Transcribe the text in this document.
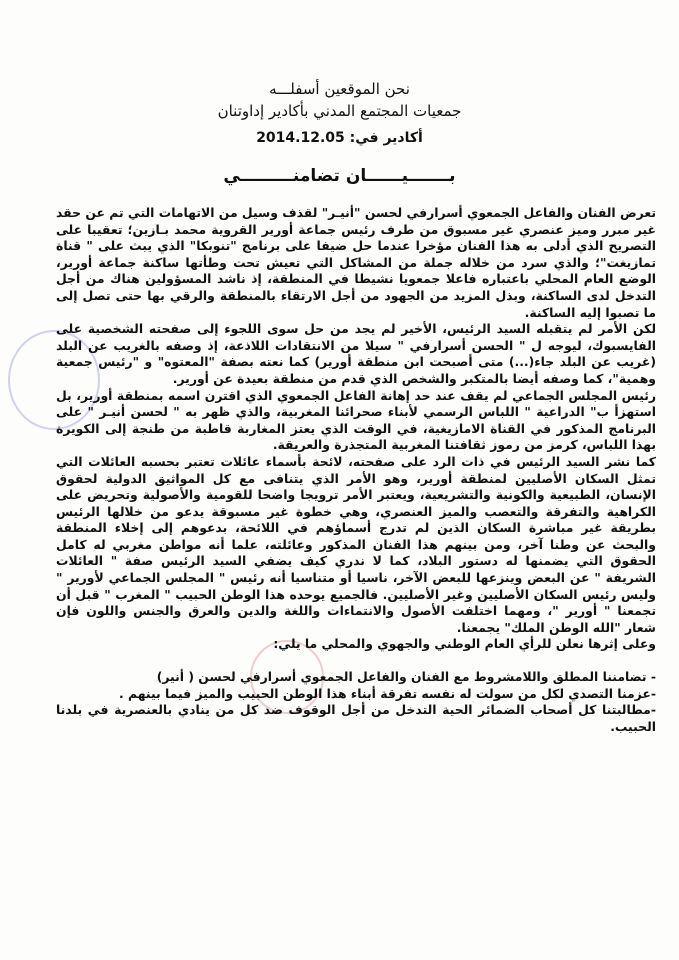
نحن الموقعين أسفلـــه
جمعيات المجتمع المدني بأكادير إداوتنان
أكادير في: 2014.12.05
بـــــــيــــــان تضامنـــــــــي

تعرض الفنان والفاعل الجمعوي أسرارفي لحسن "أنيـر" لقذف وسيل من الاتهامات التي تم عن حقد غير مبرر وميز عنصري غير مسبوق من طرف رئيس جماعة أورير القروية محمد بـازين؛ تعقيبا على التصريح الذي أدلى به هذا الفنان مؤخرا عندما حل ضيفا على برنامج "تنوبكا" الذي يبث على " قناة تمازيغت"؛ والذي سرد من خلاله جملة من المشاكل التي تعيش تحت وطأتها ساكنة جماعة أورير، الوضع العام المحلي باعتباره فاعلا جمعويا نشيطا في المنطقة، إذ ناشد المسؤولين هناك من أجل التدخل لدى الساكنة، وبذل المزيد من الجهود من أجل الارتقاء بالمنطقة والرقي بها حتى تصل إلى ما تصبوا إليه الساكنة.

لكن الأمر لم يتقبله السيد الرئيس، الأخير لم يجد من حل سوى اللجوء إلى صفحته الشخصية على الفايسبوك، ليوجه ل " الحسن أسرارفي " سيلا من الانتقادات اللاذعة، إذ وصفه بالغريب عن البلد (غريب عن البلد جاء(...) متى أصبحت ابن منطقة أورير) كما نعته بصفة "المعتوه" و "رئيس جمعية وهمية"، كما وصفه أيضا بالمتكبر والشخص الذي قدم من منطقة بعيدة عن أورير.

رئيس المجلس الجماعي لم يقف عند حد إهانة الفاعل الجمعوي الذي اقترن اسمه بمنطقة أورير، بل استهزأ ب" الدراعية " اللباس الرسمي لأبناء صحرائنا المغربية، والذي ظهر به " لحسن أنيـر " على البرنامج المذكور في القناة الامازيغية، في الوقت الذي يعتز المغاربة قاطبة من طنجة إلى الكويرة بهذا اللباس، كرمز من رموز ثقافتنا المغربية المتجذرة والعريقة.

كما نشر السيد الرئيس في ذات الرد على صفحته، لائحة بأسماء عائلات تعتبر بحسبه العائلات التي تمثل السكان الأصليين لمنطقة أورير، وهو الأمر الذي يتنافى مع كل المواثيق الدولية لحقوق الإنسان، الطبيعية والكونية والتشريعية، ويعتبر الأمر ترويجا واضحا للقومية والأصولية وتحريض على الكراهية والتفرقة والتعصب والميز العنصري، وهي خطوة غير مسبوقة يدعو من خلالها الرئيس بطريقة غير مباشرة السكان الذين لم تدرج أسماؤهم في اللائحة، بدعوهم إلى إخلاء المنطقة والبحث عن وطنا آخر، ومن بينهم هذا الفنان المذكور وعائلته، علما أنه مواطن مغربي له كامل الحقوق التي يضمنها له دستور البلاد، كما لا ندري كيف يضفي السيد الرئيس صفة " العائلات الشريفة " عن البعض وينزعها للبعض الآخر، ناسيا أو متناسيا أنه رئيس " المجلس الجماعي لأورير " وليس رئيس السكان الأصليين وغير الأصليين. فالجميع يوحده هذا الوطن الحبيب " المغرب " قبل أن تجمعنا " أورير "، ومهما اختلفت الأصول والانتماءات واللغة والدين والعرق والجنس واللون فإن شعار "الله الوطن الملك" يجمعنا.

وعلى إثرها نعلن للرأي العام الوطني والجهوي والمحلي ما يلي:

- تضامننا المطلق واللامشروط مع الفنان والفاعل الجمعوي أسرارفي لحسن ( أنير)

-عزمنا التصدي لكل من سولت له نفسه تفرقة أبناء هذا الوطن الحبيب والميز فيما بينهم .

-مطالبتنا كل أصحاب الضمائر الحية التدخل من أجل الوقوف ضد كل من ينادي بالعنصرية في بلدنا الحبيب.
